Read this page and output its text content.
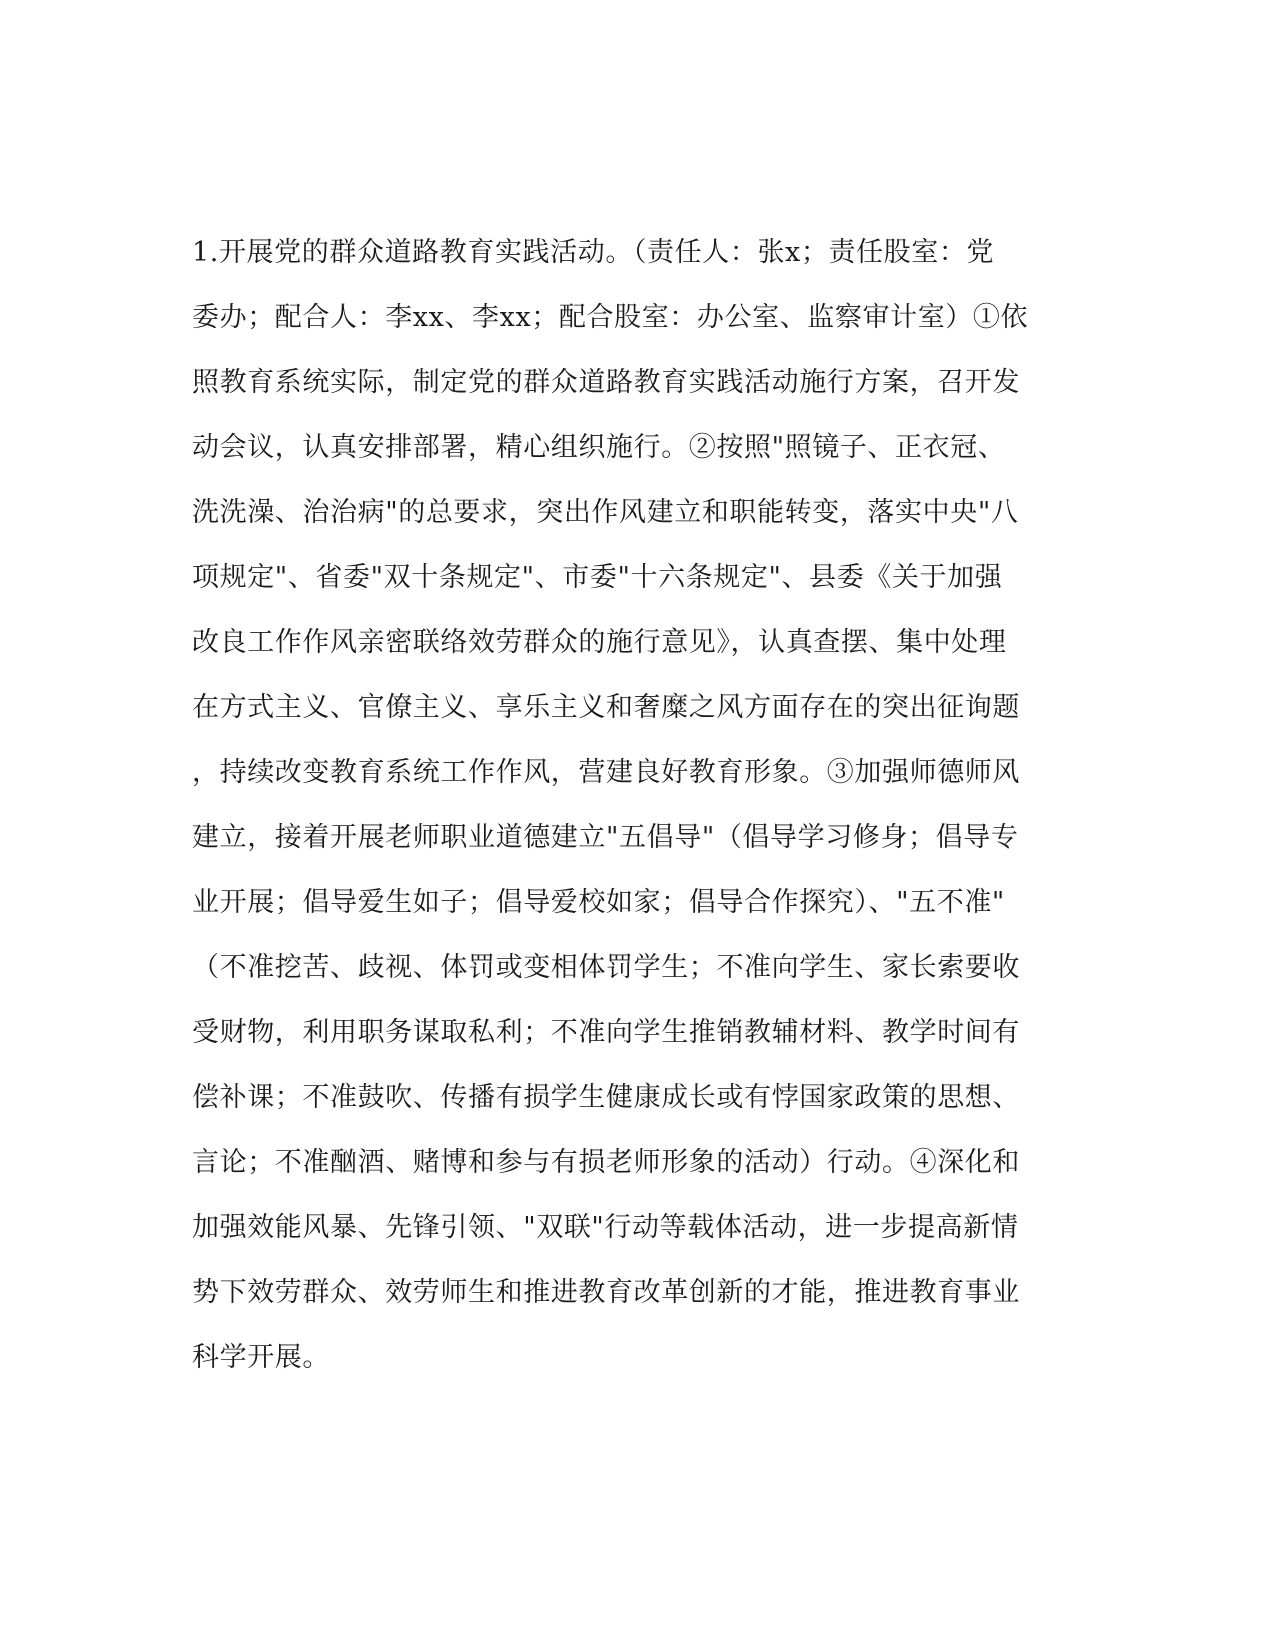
1.开展党的群众道路教育实践活动。（责任人：张x；责任股室：党
委办；配合人：李xx、李xx；配合股室：办公室、监察审计室）①依
照教育系统实际，制定党的群众道路教育实践活动施行方案，召开发
动会议，认真安排部署，精心组织施行。②按照"照镜子、正衣冠、
洗洗澡、治治病"的总要求，突出作风建立和职能转变，落实中央"八
项规定"、省委"双十条规定"、市委"十六条规定"、县委《关于加强
改良工作作风亲密联络效劳群众的施行意见》，认真查摆、集中处理
在方式主义、官僚主义、享乐主义和奢糜之风方面存在的突出征询题
，持续改变教育系统工作作风，营建良好教育形象。③加强师德师风
建立，接着开展老师职业道德建立"五倡导"（倡导学习修身；倡导专
业开展；倡导爱生如子；倡导爱校如家；倡导合作探究）、"五不准"
（不准挖苦、歧视、体罚或变相体罚学生；不准向学生、家长索要收
受财物，利用职务谋取私利；不准向学生推销教辅材料、教学时间有
偿补课；不准鼓吹、传播有损学生健康成长或有悖国家政策的思想、
言论；不准酗酒、赌博和参与有损老师形象的活动）行动。④深化和
加强效能风暴、先锋引领、"双联"行动等载体活动，进一步提高新情
势下效劳群众、效劳师生和推进教育改革创新的才能，推进教育事业
科学开展。
